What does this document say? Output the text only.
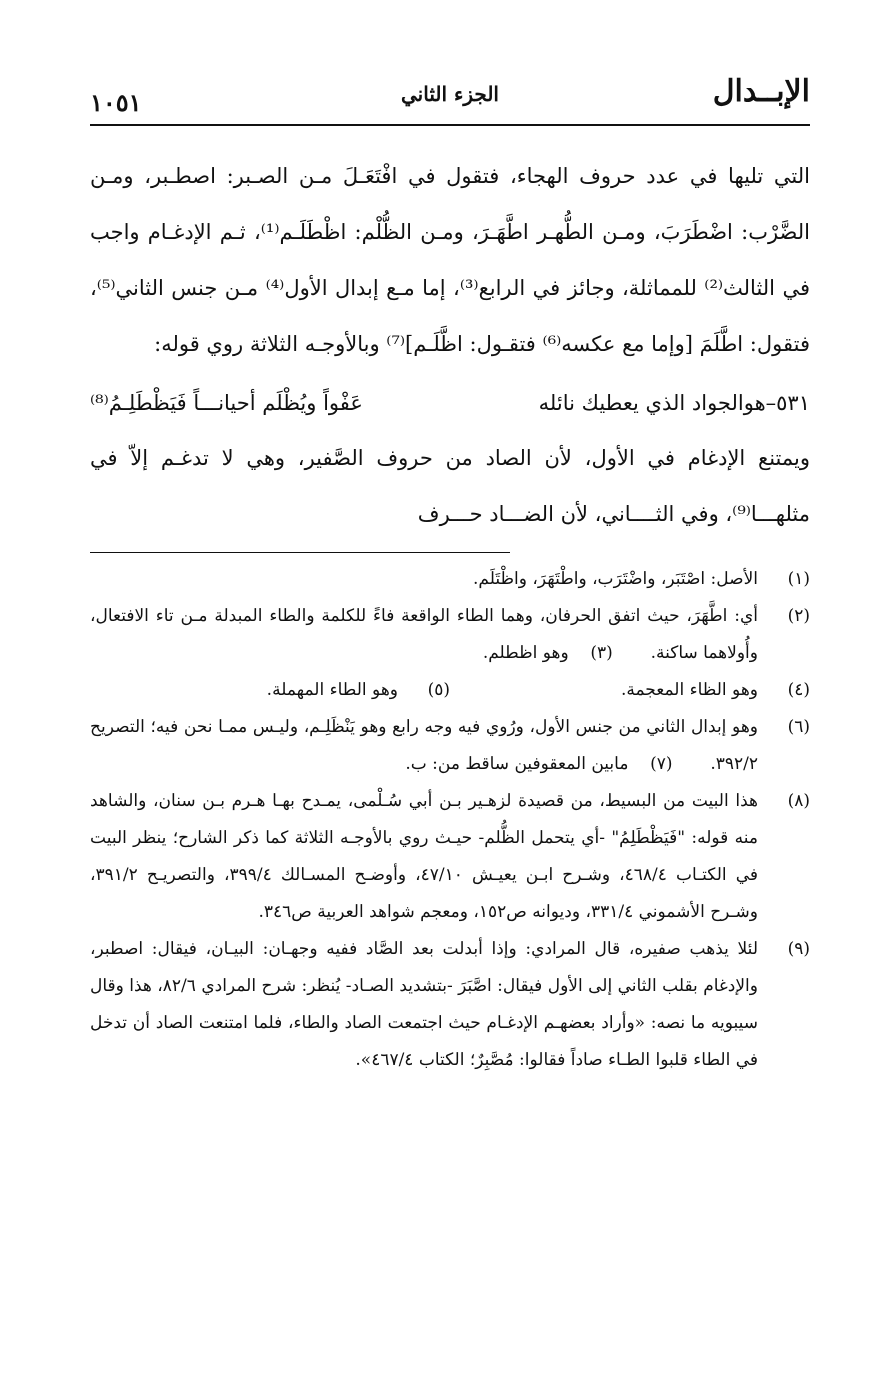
الإبــدال
الجزء الثاني
١٠٥١

التي تليها في عدد حروف الهجاء، فتقول في افْتَعَـلَ مـن الصـبر: اصطـبر، ومـن الضَّرْب: اضْطَرَبَ، ومـن الطُّهـر اطَّهَـرَ، ومـن الظُّلْم: اظْطَلَـم⁽¹⁾، ثـم الإدغـام واجب في الثالث⁽²⁾ للمماثلة، وجائز في الرابع⁽³⁾، إما مـع إبدال الأول⁽⁴⁾ مـن جنس الثاني⁽⁵⁾، فتقول: اطَّلَمَ [وإما مع عكسه⁽⁶⁾ فتقـول: اظَّلَـم]⁽⁷⁾ وبالأوجـه الثلاثة روي قوله:

٥٣١–هوالجواد الذي يعطيك نائله
عَفْواً ويُظْلَم أحيانـــاً فَيَظْطَلِـمُ⁽⁸⁾

ويمتنع الإدغام في الأول، لأن الصاد من حروف الصَّفير، وهي لا تدغـم إلاّ في مثلهـــا⁽⁹⁾، وفي الثــــاني، لأن الضـــاد حـــرف

(١)
الأصل: اصْتَبَر، واضْتَرَب، واطْتَهَرَ، واظْتَلَم.
(٢)
أي: اطَّهَرَ، حيث اتفق الحرفان، وهما الطاء الواقعة فاءً للكلمة والطاء المبدلة مـن تاء الافتعال، وأُولاهما ساكنة.       (٣)    وهو اظطلم.
(٤)
وهو الظاء المعجمة.
(٥)
وهو الطاء المهملة.
(٦)
وهو إبدال الثاني من جنس الأول، ورُوي فيه وجه رابع وهو يَنْظَلِـم، وليـس ممـا نحن فيه؛ التصريح ٣٩٢/٢.       (٧)    مابين المعقوفين ساقط من: ب.
(٨)
هذا البيت من البسيط، من قصيدة لزهـير بـن أبي سُـلْمى، يمـدح بهـا هـرم بـن سنان، والشاهد منه قوله: "فَيَظْطَلِمُ" -أي يتحمل الظُّلم- حيـث روي بالأوجـه الثلاثة كما ذكر الشارح؛ ينظر البيت في الكتـاب ٤٦٨/٤، وشـرح ابـن يعيـش ٤٧/١٠، وأوضـح المسـالك ٣٩٩/٤، والتصريـح ٣٩١/٢، وشـرح الأشموني ٣٣١/٤، وديوانه ص١٥٢، ومعجم شواهد العربية ص٣٤٦.
(٩)
لئلا يذهب صفيره، قال المرادي: وإذا أبدلت بعد الصَّاد ففيه وجهـان: البيـان، فيقال: اصطبر، والإدغام بقلب الثاني إلى الأول فيقال: اصَّبَرَ -بتشديد الصـاد- يُنظر: شرح المرادي ٨٢/٦، هذا وقال سيبويه ما نصه: «وأراد بعضهـم الإدغـام حيث اجتمعت الصاد والطاء، فلما امتنعت الصاد أن تدخل في الطاء قلبوا الطـاء صاداً فقالوا: مُصَّبِرٌ؛ الكتاب ٤٦٧/٤».
